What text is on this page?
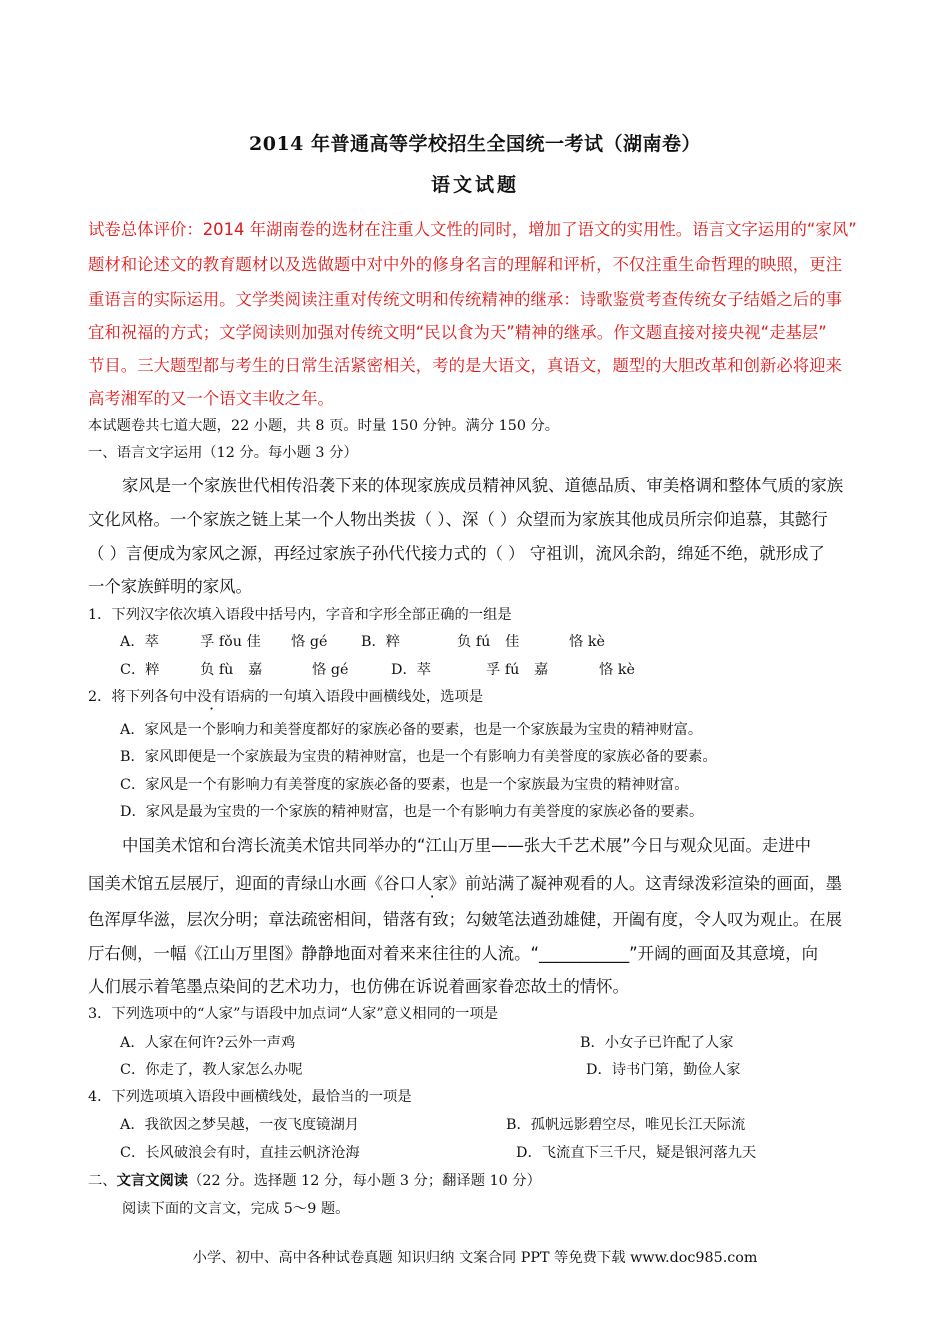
2014 年普通高等学校招生全国统一考试（湖南卷）
语文试题
试卷总体评价：2014 年湖南卷的选材在注重人文性的同时，增加了语文的实用性。语言文字运用的“家风”
题材和论述文的教育题材以及选做题中对中外的修身名言的理解和评析，不仅注重生命哲理的映照，更注
重语言的实际运用。文学类阅读注重对传统文明和传统精神的继承：诗歌鉴赏考查传统女子结婚之后的事
宜和祝福的方式；文学阅读则加强对传统文明“民以食为天”精神的继承。作文题直接对接央视“走基层”
节目。三大题型都与考生的日常生活紧密相关，考的是大语文，真语文，题型的大胆改革和创新必将迎来
高考湘军的又一个语文丰收之年。
本试题卷共七道大题，22 小题，共 8 页。时量 150 分钟。满分 150 分。
一、语言文字运用（12 分。每小题 3 分）
家风是一个家族世代相传沿袭下来的体现家族成员精神风貌、道德品质、审美格调和整体气质的家族
文化风格。一个家族之链上某一个人物出类拔（ ）、深（ ）众望而为家族其他成员所宗仰追慕，其懿行
（ ）言便成为家风之源，再经过家族子孙代代接力式的（ ） 守祖训，流风余韵，绵延不绝，就形成了
一个家族鲜明的家风。
1．下列汉字依次填入语段中括号内，字音和字形全部正确的一组是
A．萃	孚 fǒu 佳 恪 gé B．粹	负 fú 佳	恪 kè
C．粹	负 fù 嘉	恪 gé	D．萃	孚 fú 嘉	恪 kè
2．将下列各句中没有语病的一句填入语段中画横线处，选项是
A．家风是一个影响力和美誉度都好的家族必备的要素，也是一个家族最为宝贵的精神财富。
B．家风即便是一个家族最为宝贵的精神财富，也是一个有影响力有美誉度的家族必备的要素。
C．家风是一个有影响力有美誉度的家族必备的要素，也是一个家族最为宝贵的精神财富。
D．家风是最为宝贵的一个家族的精神财富，也是一个有影响力有美誉度的家族必备的要素。
中国美术馆和台湾长流美术馆共同举办的“江山万里——张大千艺术展”今日与观众见面。走进中
国美术馆五层展厅，迎面的青绿山水画《谷口人家》前站满了凝神观看的人。这青绿泼彩渲染的画面，墨
色浑厚华滋，层次分明；章法疏密相间，错落有致；勾皴笔法遒劲雄健，开阖有度，令人叹为观止。在展
厅右侧，一幅《江山万里图》静静地面对着来来往往的人流。“___________”开阔的画面及其意境，向
人们展示着笔墨点染间的艺术功力，也仿佛在诉说着画家眷恋故土的情怀。
3．下列选项中的“人家”与语段中加点词“人家”意义相同的一项是
A．人家在何许?云外一声鸡	B．小女子已许配了人家
C．你走了，教人家怎么办呢	D．诗书门第，勤俭人家
4．下列选项填入语段中画横线处，最恰当的一项是
A．我欲因之梦吴越，一夜飞度镜湖月	B．孤帆远影碧空尽，唯见长江天际流
C．长风破浪会有时，直挂云帆济沧海	D．飞流直下三千尺，疑是银河落九天
二、文言文阅读（22 分。选择题 12 分，每小题 3 分；翻译题 10 分）
阅读下面的文言文，完成 5～9 题。
小学、初中、高中各种试卷真题 知识归纳 文案合同 PPT 等免费下载 www.doc985.com
